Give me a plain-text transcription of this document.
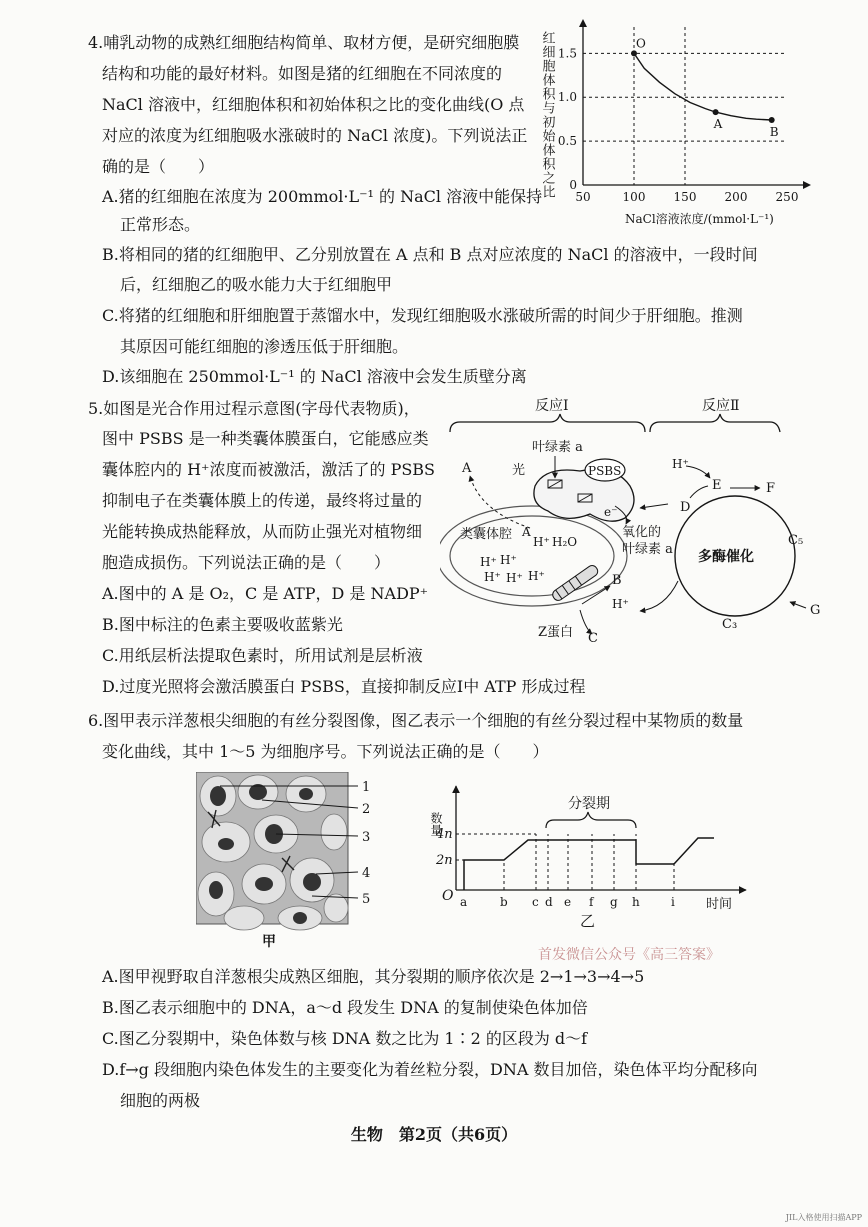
4.哺乳动物的成熟红细胞结构简单、取材方便，是研究细胞膜
结构和功能的最好材料。如图是猪的红细胞在不同浓度的
NaCl 溶液中，红细胞体积和初始体积之比的变化曲线(O 点
对应的浓度为红细胞吸水涨破时的 NaCl 浓度)。下列说法正
确的是（　　）
A.猪的红细胞在浓度为 200mmol·L⁻¹ 的 NaCl 溶液中能保持
正常形态。
B.将相同的猪的红细胞甲、乙分别放置在 A 点和 B 点对应浓度的 NaCl 的溶液中，一段时间
后，红细胞乙的吸水能力大于红细胞甲
C.将猪的红细胞和肝细胞置于蒸馏水中，发现红细胞吸水涨破所需的时间少于肝细胞。推测
其原因可能红细胞的渗透压低于肝细胞。
D.该细胞在 250mmol·L⁻¹ 的 NaCl 溶液中会发生质壁分离
50	100 150 200 250
0
0.5
1.0
1.5
O
A
B
NaCl溶液浓度/(mmol·L⁻¹)
红细胞体积与初始体积之比
5.如图是光合作用过程示意图(字母代表物质)，
图中 PSBS 是一种类囊体膜蛋白，它能感应类
囊体腔内的 H⁺浓度而被激活，激活了的 PSBS
抑制电子在类囊体膜上的传递，最终将过量的
光能转换成热能释放，从而防止强光对植物细
胞造成损伤。下列说法正确的是（　　）
A.图中的 A 是 O₂，C 是 ATP，D 是 NADP⁺
B.图中标注的色素主要吸收蓝紫光
C.用纸层析法提取色素时，所用试剂是层析液
D.过度光照将会激活膜蛋白 PSBS，直接抑制反应Ⅰ中 ATP 形成过程
反应Ⅰ	反应Ⅱ
叶绿素 a
光	PSBS
e⁻
A
A
类囊体腔 H⁺ H₂O
H⁺ H⁺
H⁺ H⁺ H⁺
氧化的
叶绿素 a
Z蛋白
B
C
H⁺
多酶催化
H⁺
E
D
F
C₅
G
C₃
6.图甲表示洋葱根尖细胞的有丝分裂图像，图乙表示一个细胞的有丝分裂过程中某物质的数量
变化曲线，其中 1～5 为细胞序号。下列说法正确的是（　　）
1
2
3
4
5
甲
数量
4n
2n
O
分裂期
a	b c d e f g h	i 时间
乙
首发微信公众号《高三答案》
A.图甲视野取自洋葱根尖成熟区细胞，其分裂期的顺序依次是 2→1→3→4→5
B.图乙表示细胞中的 DNA，a～d 段发生 DNA 的复制使染色体加倍
C.图乙分裂期中，染色体数与核 DNA 数之比为 1∶2 的区段为 d～f
D.f→g 段细胞内染色体发生的主要变化为着丝粒分裂，DNA 数目加倍，染色体平均分配移向
细胞的两极
生物　第2页（共6页）
JIL入格使用扫描APP
